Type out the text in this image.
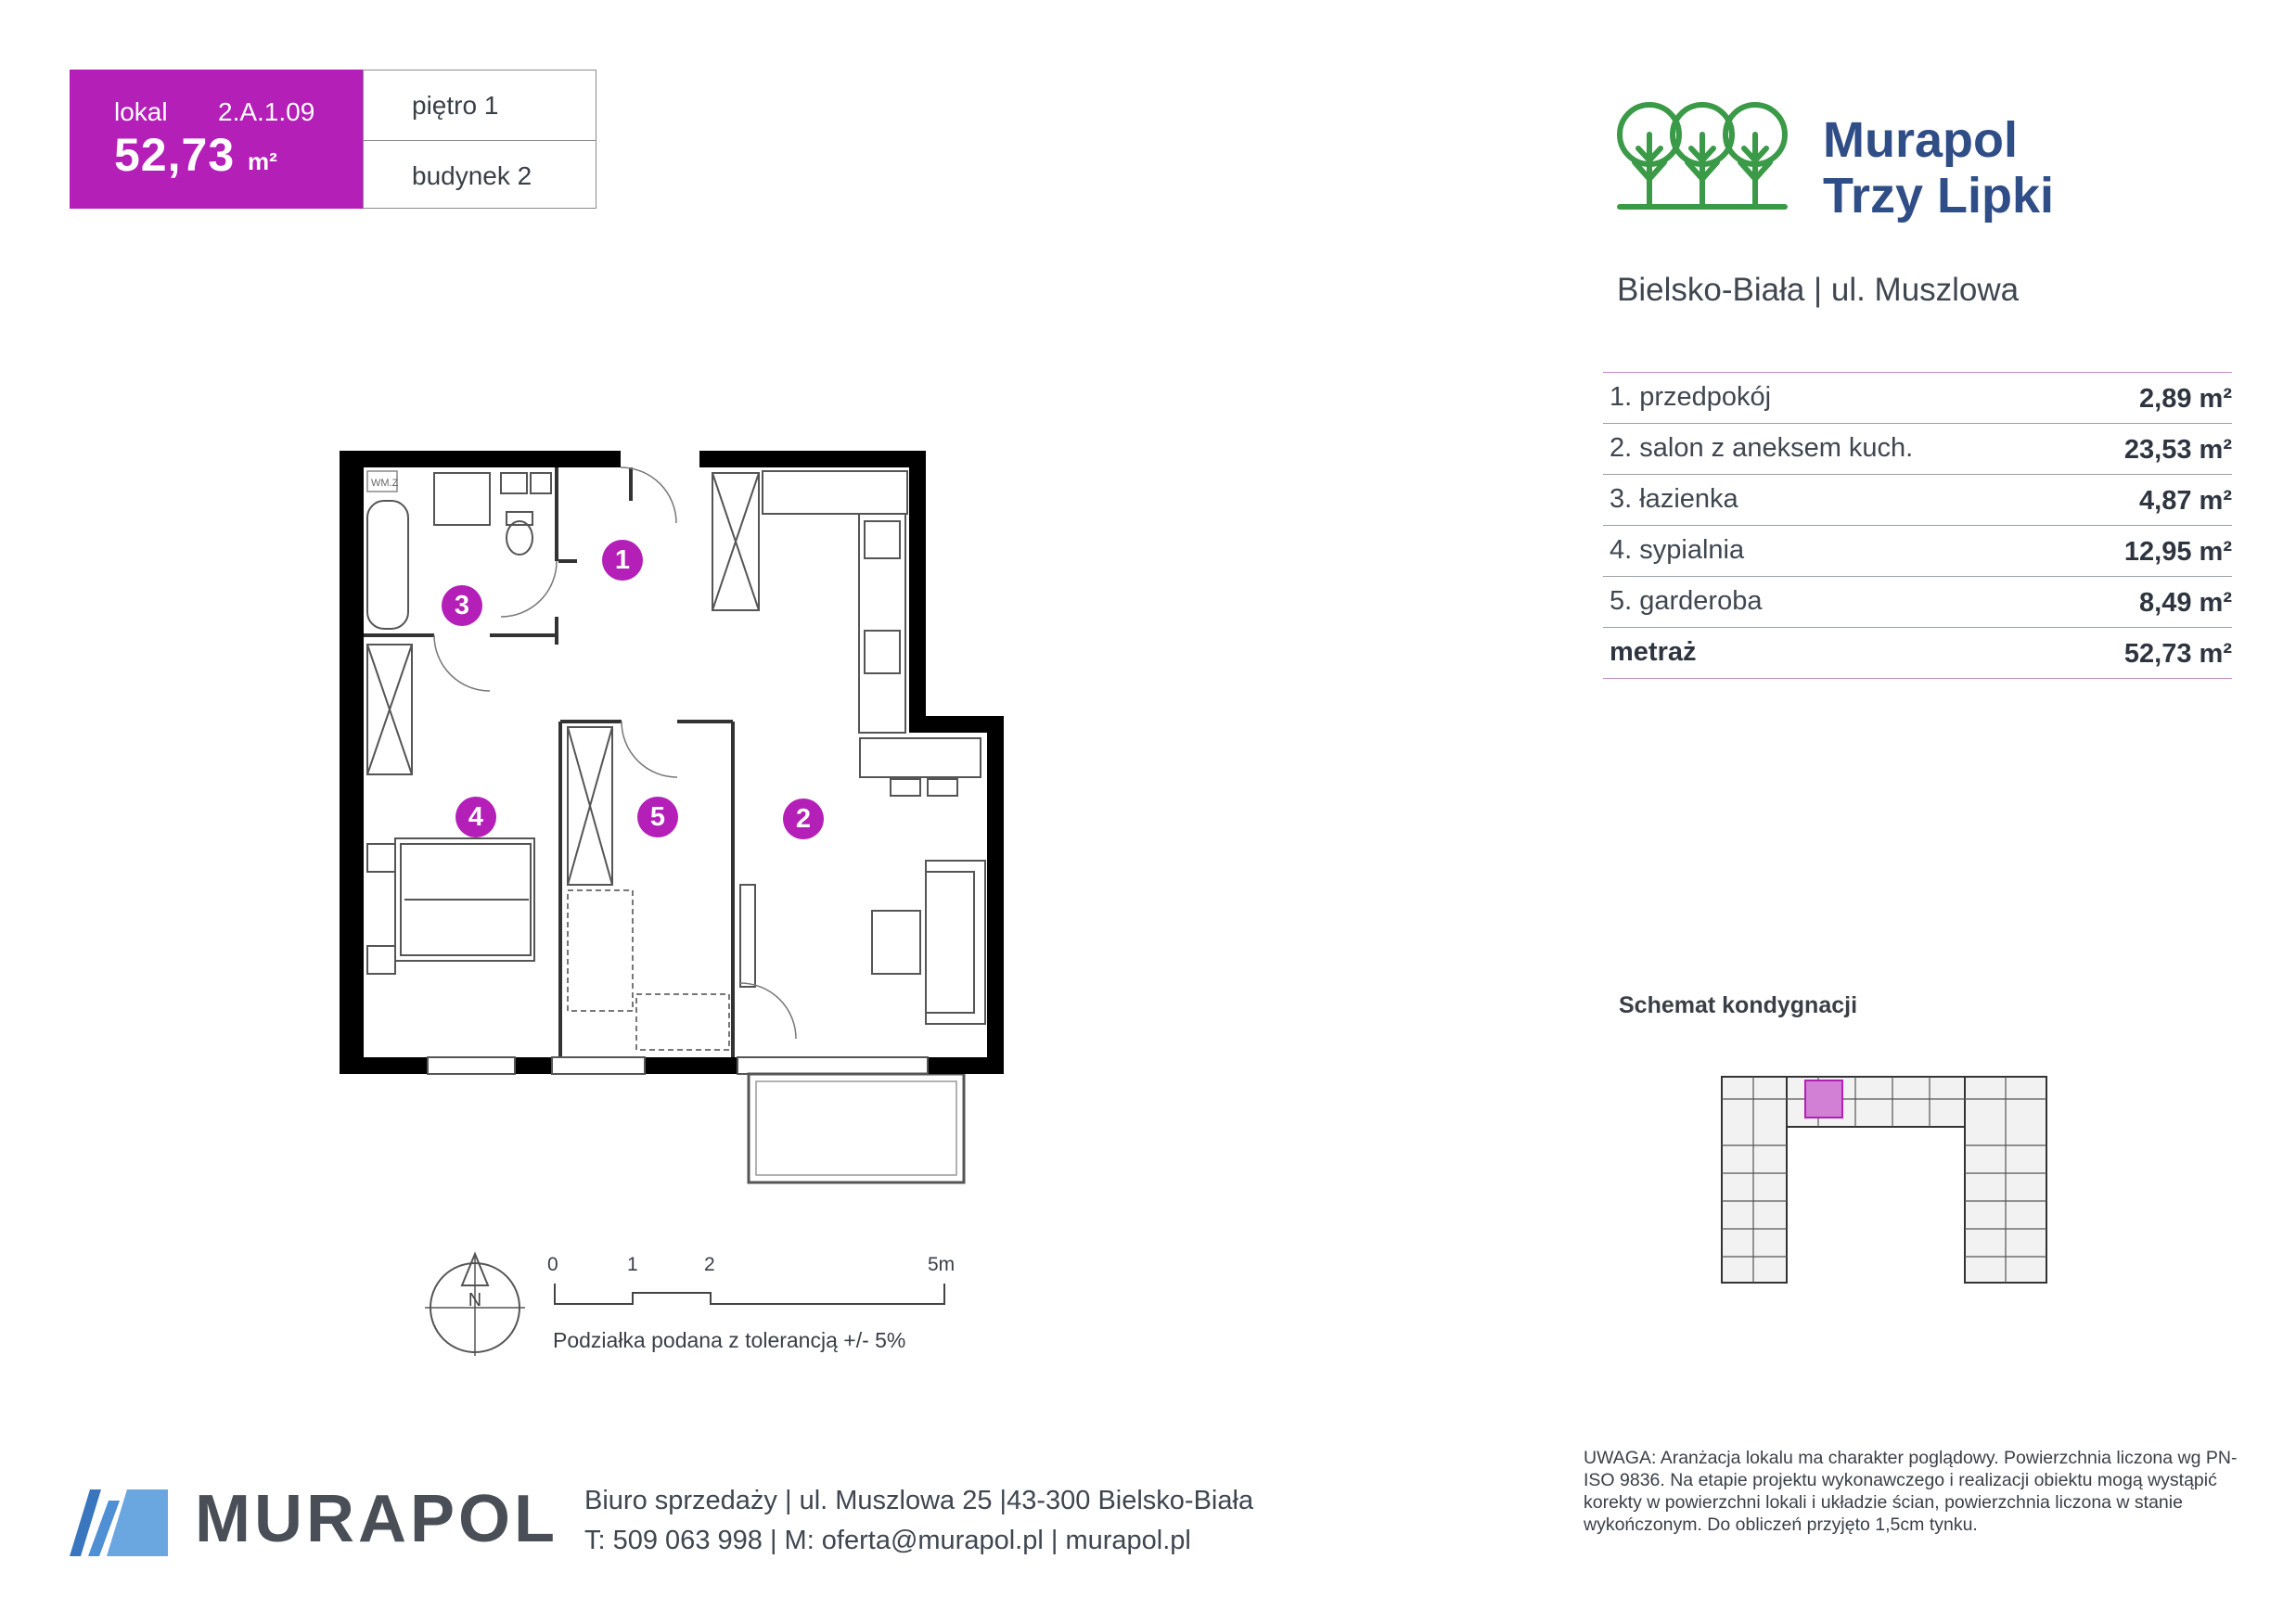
lokal 2.A.1.09
52,73 m²
piętro 1
budynek 2
Murapol
Trzy Lipki
Bielsko-Biała | ul. Muszlowa
1. przedpokój	2,89 m²
2. salon z aneksem kuch.	23,53 m²
3. łazienka	4,87 m²
4. sypialnia	12,95 m²
5. garderoba	8,49 m²
metraż	52,73 m²
WM.Z
1
2
3
4	5
N
0	1	2	5m
Podziałka podana z tolerancją +/- 5%
Schemat kondygnacji
MURAPOL Biuro sprzedaży | ul. Muszlowa 25 |43-300 Bielsko-Biała
T: 509 063 998 | M: oferta@murapol.pl | murapol.pl
UWAGA: Aranżacja lokalu ma charakter poglądowy. Powierzchnia liczona wg PN-ISO 9836. Na etapie projektu wykonawczego i realizacji obiektu mogą wystąpić korekty w powierzchni lokali i układzie ścian, powierzchnia liczona w stanie wykończonym. Do obliczeń przyjęto 1,5cm tynku.
